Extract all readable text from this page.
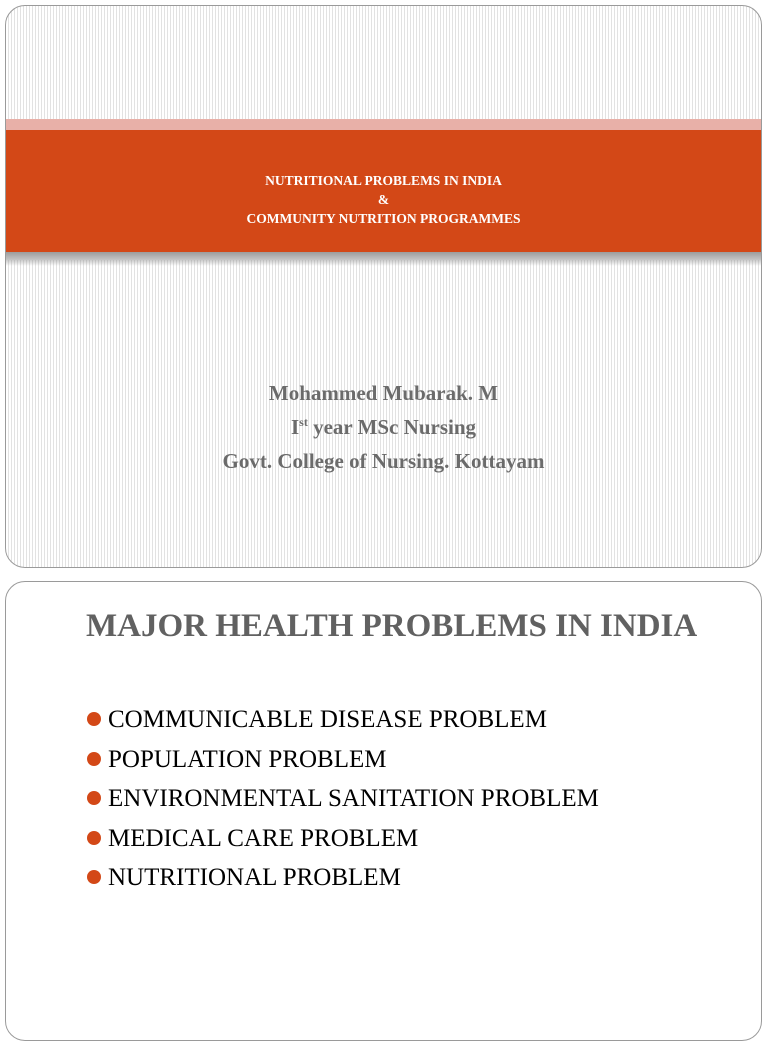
NUTRITIONAL PROBLEMS IN INDIA
&
COMMUNITY NUTRITION PROGRAMMES
Mohammed Mubarak. M
Ist year MSc Nursing
Govt. College of Nursing. Kottayam
MAJOR HEALTH PROBLEMS IN INDIA
COMMUNICABLE DISEASE PROBLEM
POPULATION PROBLEM
ENVIRONMENTAL SANITATION PROBLEM
MEDICAL CARE PROBLEM
NUTRITIONAL PROBLEM
